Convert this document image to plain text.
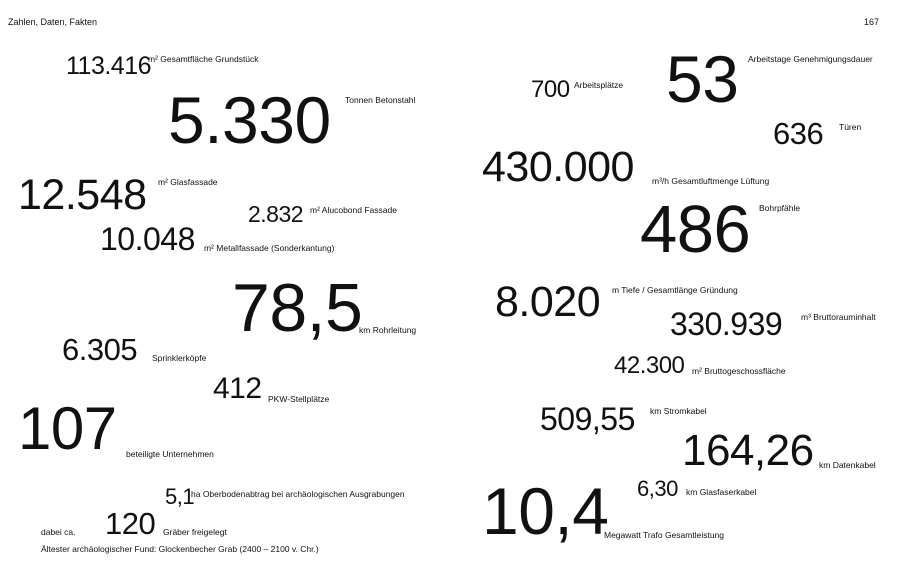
Zahlen, Daten, Fakten	167
113.416
m² Gesamtfläche Grundstück
5.330 Tonnen Betonstahl
12.548 m² Glasfassade
2.832 m² Alucobond Fassade
10.048 m² Metallfassade (Sonderkantung)
78,5
km Rohrleitung
6.305 Sprinklerköpfe
412 PKW-Stellplätze
107 beteiligte Unternehmen
5,1
ha Oberbodenabtrag bei archäologischen Ausgrabungen
dabei ca. 120 Gräber freigelegt
Ältester archäologischer Fund: Glockenbecher Grab (2400 – 2100 v. Chr.)
700 Arbeitsplätze 53 Arbeitstage Genehmigungsdauer
636 Türen
430.000 m³/h Gesamtluftmenge Lüftung
486 Bohrpfähle
8.020 m Tiefe / Gesamtlänge Gründung
330.939 m³ Bruttorauminhalt
42.300 m² Bruttogeschossfläche
509,55 km Stromkabel
164,26 km Datenkabel
6,30 km Glasfaserkabel
10,4
Megawatt Trafo Gesamtleistung
